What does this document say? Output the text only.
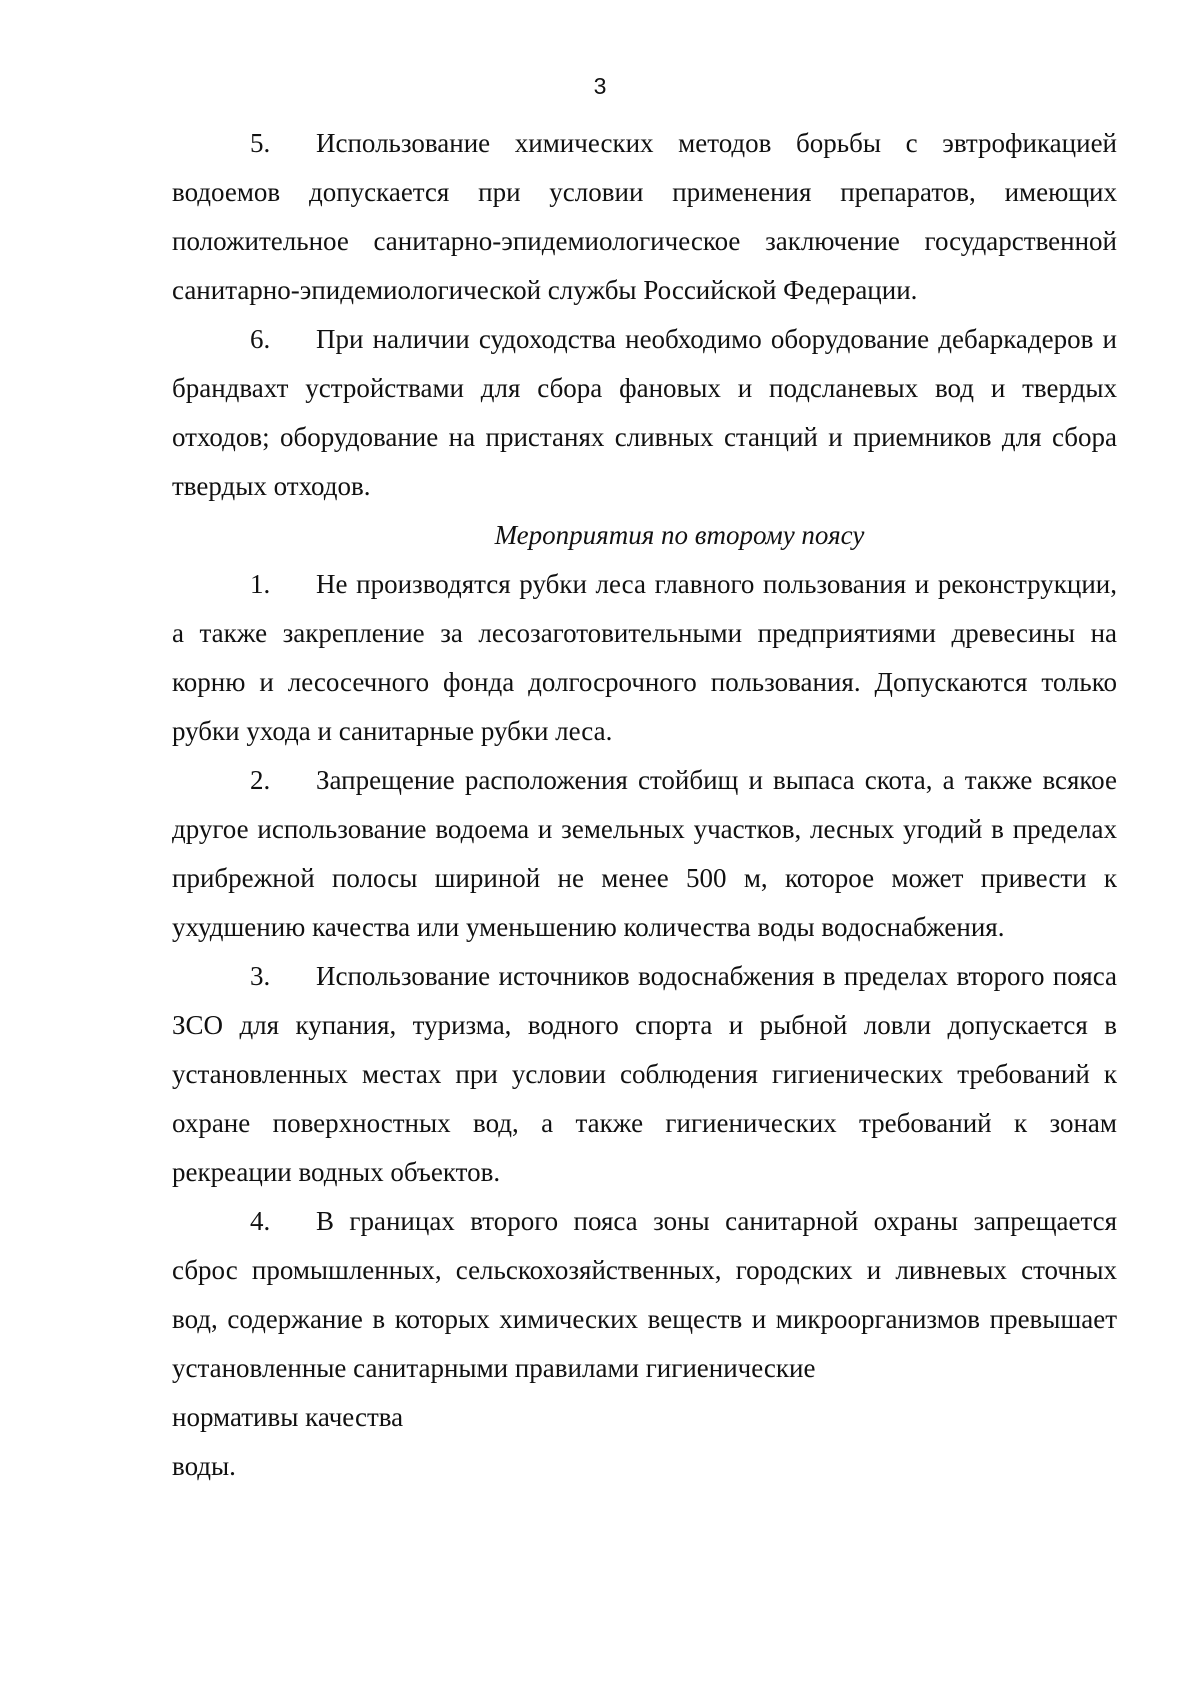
3

5. Использование химических методов борьбы с эвтрофикацией водоемов допускается при условии применения препаратов, имеющих положительное санитарно-эпидемиологическое заключение государственной санитарно-эпидемиологической службы Российской Федерации.

6. При наличии судоходства необходимо оборудование дебаркадеров и брандвахт устройствами для сбора фановых и подсланевых вод и твердых отходов; оборудование на пристанях сливных станций и приемников для сбора твердых отходов.

Мероприятия по второму поясу

1. Не производятся рубки леса главного пользования и реконструкции, а также закрепление за лесозаготовительными предприятиями древесины на корню и лесосечного фонда долгосрочного пользования. Допускаются только рубки ухода и санитарные рубки леса.

2. Запрещение расположения стойбищ и выпаса скота, а также всякое другое использование водоема и земельных участков, лесных угодий в пределах прибрежной полосы шириной не менее 500 м, которое может привести к ухудшению качества или уменьшению количества воды водоснабжения.

3. Использование источников водоснабжения в пределах второго пояса ЗСО для купания, туризма, водного спорта и рыбной ловли допускается в установленных местах при условии соблюдения гигиенических требований к охране поверхностных вод, а также гигиенических требований к зонам рекреации водных объектов.

4. В границах второго пояса зоны санитарной охраны запрещается сброс промышленных, сельскохозяйственных, городских и ливневых сточных вод, содержание в которых химических веществ и микроорганизмов превышает установленные санитарными правилами гигиенические

нормативы качества

воды.
